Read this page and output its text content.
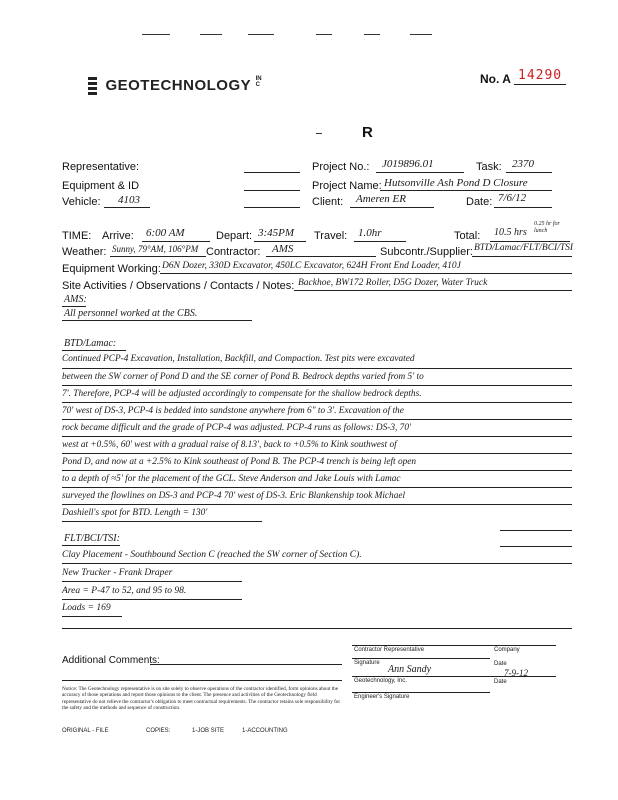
GEOTECHNOLOGY INC	No. A 14290
R
Representative:
Equipment & ID
Vehicle: 4103
Project No.: J019896.01	Task: 2370
Project Name: Hutsonville Ash Pond D Closure
Client: Ameren ER	Date: 7/6/12
TIME: Arrive: 6:00 AM	Depart: 3:45PM Travel: 1.0hr	Total: 10.5 hrs
0.25 hr for lunch
Weather: Sunny, 79°AM, 106°PM Contractor: AMS	Subcontr./Supplier: BTD/Lamac/FLT/BCI/TSI
Equipment Working: D6N Dozer, 330D Excavator, 450LC Excavator, 624H Front End Loader, 410J
Site Activities / Observations / Contacts / Notes: Backhoe, BW172 Roller, D5G Dozer, Water Truck
AMS:
All personnel worked at the CBS.
BTD/Lamac:
Continued PCP-4 Excavation, Installation, Backfill, and Compaction. Test pits were excavated
between the SW corner of Pond D and the SE corner of Pond B. Bedrock depths varied from 5' to
7'. Therefore, PCP-4 will be adjusted accordingly to compensate for the shallow bedrock depths.
70' west of DS-3, PCP-4 is bedded into sandstone anywhere from 6" to 3'. Excavation of the
rock became difficult and the grade of PCP-4 was adjusted. PCP-4 runs as follows: DS-3, 70'
west at +0.5%, 60' west with a gradual raise of 8.13', back to +0.5% to Kink southwest of
Pond D, and now at a +2.5% to Kink southeast of Pond B. The PCP-4 trench is being left open
to a depth of ≈5' for the placement of the GCL. Steve Anderson and Jake Louis with Lamac
surveyed the flowlines on DS-3 and PCP-4 70' west of DS-3. Eric Blankenship took Michael
Dashiell's spot for BTD. Length = 130'
FLT/BCI/TSI:
Clay Placement - Southbound Section C (reached the SW corner of Section C).
New Trucker - Frank Draper
Area = P-47 to 52, and 95 to 98.
Loads = 169
Additional Comments:
Contractor Representative	Company
Signature
Ann Sandy	Date
7-9-12
Geotechnology, Inc.	Date
Engineer's Signature
Notice: The Geotechnology representative is on site solely to observe operations of the contractor identified, form opinions about the accuracy of those operations and report those opinions to the client. The presence and activities of the Geotechnology field representative do not relieve the contractor's obligation to meet contractual requirements. The contractor retains sole responsibility for the safety and the methods and sequence of construction.
ORIGINAL - FILE	COPIES:	1-JOB SITE	1-ACCOUNTING
